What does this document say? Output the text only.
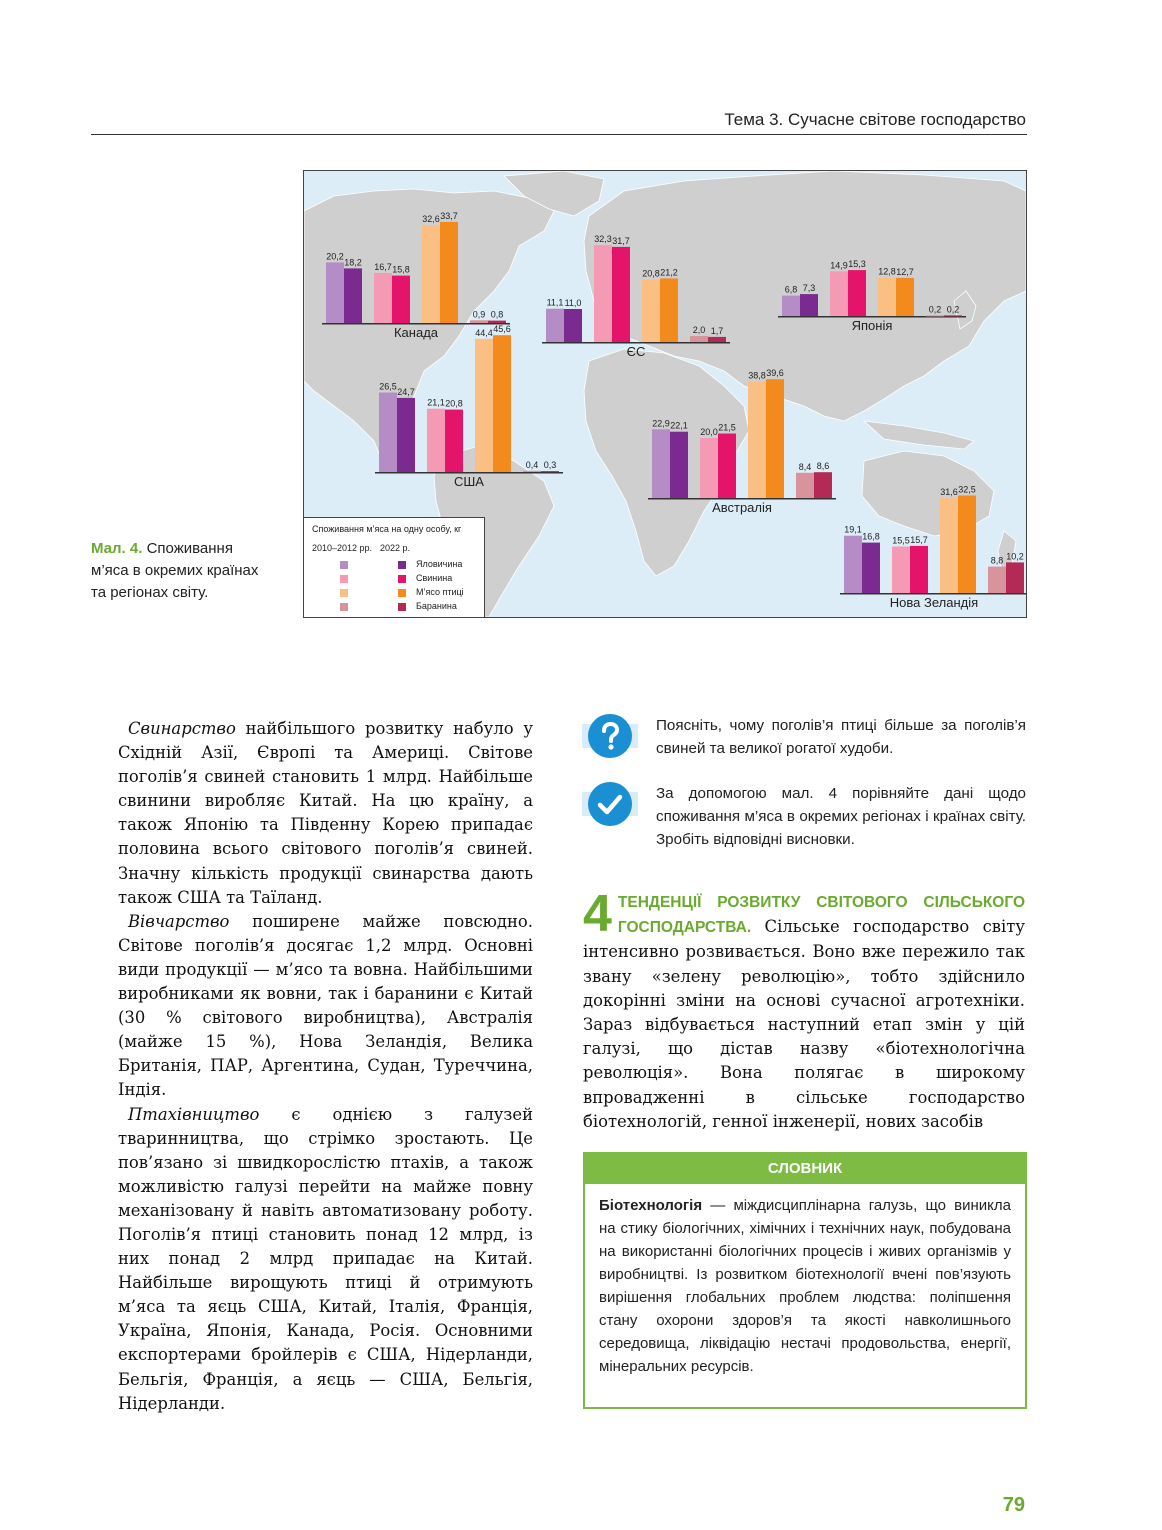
Тема 3. Сучасне світове господарство
20,2
18,2 16,7 15,8
32,6 33,7
0,9 0,8
Канада
11,1 11,0
32,3 31,7
20,8 21,2
2,0 1,7
ЄС
6,8 7,3
14,9 15,3
12,8 12,7
0,2 0,2
Японія
26,5
24,7
21,1 20,8
44,4 45,6
0,4 0,3
США
22,9 22,1
20,0 21,5
38,8 39,6
8,4 8,6
Австралія
19,1
16,8 15,5 15,7
31,6 32,5
8,8 10,2
Нова Зеландія
Споживання м’яса на одну особу, кг
2010–2012 рр. 2022 р.
Яловичина
Свинина
М’ясо птиці
Баранина
Мал. 4. Споживання м’яса в окремих країнах та регіонах світу.

Свинарство найбільшого розвитку набуло у Східній Азії, Європі та Америці. Світове поголів’я свиней становить 1 млрд. Найбільше свинини виробляє Китай. На цю країну, а також Японію та Південну Корею припадає половина всього світового поголів’я свиней. Значну кількість продукції свинарства дають також США та Таїланд.

Вівчарство поширене майже повсюдно. Світове поголів’я досягає 1,2 млрд. Основні види продукції — м’ясо та вовна. Найбільшими виробниками як вовни, так і баранини є Китай (30 % світового виробництва), Австралія (майже 15 %), Нова Зеландія, Велика Британія, ПАР, Аргентина, Судан, Туреччина, Індія.

Птахівництво є однією з галузей тваринництва, що стрімко зростають. Це пов’язано зі швидкорослістю птахів, а також можливістю галузі перейти на майже повну механізовану й навіть автоматизовану роботу. Поголів’я птиці становить понад 12 млрд, із них понад 2 млрд припадає на Китай. Найбільше вирощують птиці й отримують м’яса та яєць США, Китай, Італія, Франція, Україна, Японія, Канада, Росія. Основними експортерами бройлерів є США, Нідерланди, Бельгія, Франція, а яєць — США, Бельгія, Нідерланди.

Поясніть, чому поголів’я птиці більше за поголів’я свиней та великої рогатої худоби.
За допомогою мал. 4 порівняйте дані щодо споживання м’яса в окремих регіонах і країнах світу. Зробіть відповідні висновки.
4 ТЕНДЕНЦІЇ РОЗВИТКУ СВІТОВОГО СІЛЬСЬКОГО ГОСПОДАРСТВА. Сільське господарство світу інтенсивно розвивається. Воно вже пережило так звану «зелену революцію», тобто здійснило докорінні зміни на основі сучасної агротехніки. Зараз відбувається наступний етап змін у цій галузі, що дістав назву «біотехнологічна революція». Вона полягає в широкому впровадженні в сільське господарство біотехнологій, генної інженерії, нових засобів
СЛОВНИК
Біотехнологія — міждисциплінарна галузь, що виникла на стику біологічних, хімічних і технічних наук, побудована на використанні біологічних процесів і живих організмів у виробництві. Із розвитком біотехнології вчені пов’язують вирішення глобальних проблем людства: поліпшення стану охорони здоров’я та якості навколишнього середовища, ліквідацію нестачі продовольства, енергії, мінеральних ресурсів.
79
